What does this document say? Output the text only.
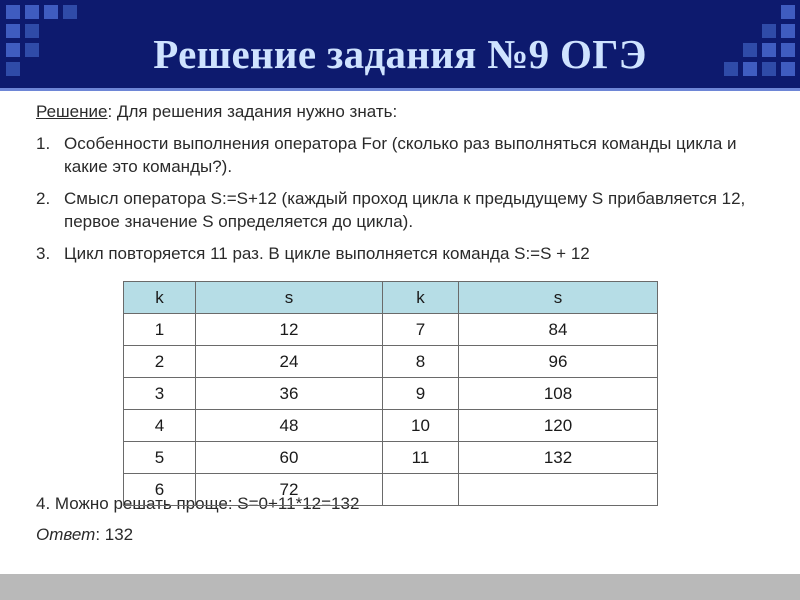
Решение задания №9 ОГЭ
Решение: Для решения задания нужно знать:
1. Особенности выполнения оператора For (сколько раз выполняться команды цикла и какие это команды?).
2. Смысл оператора S:=S+12 (каждый проход цикла к предыдущему S прибавляется 12, первое значение S определяется до цикла).
3. Цикл повторяется 11 раз. В цикле выполняется команда S:=S + 12
4. Можно решать проще: S=0+11*12=132
k	s	k	s
1	12	7	84
2	24	8	96
3	36	9	108
4	48	10	120
5	60	11	132
6	72		
Ответ: 132
